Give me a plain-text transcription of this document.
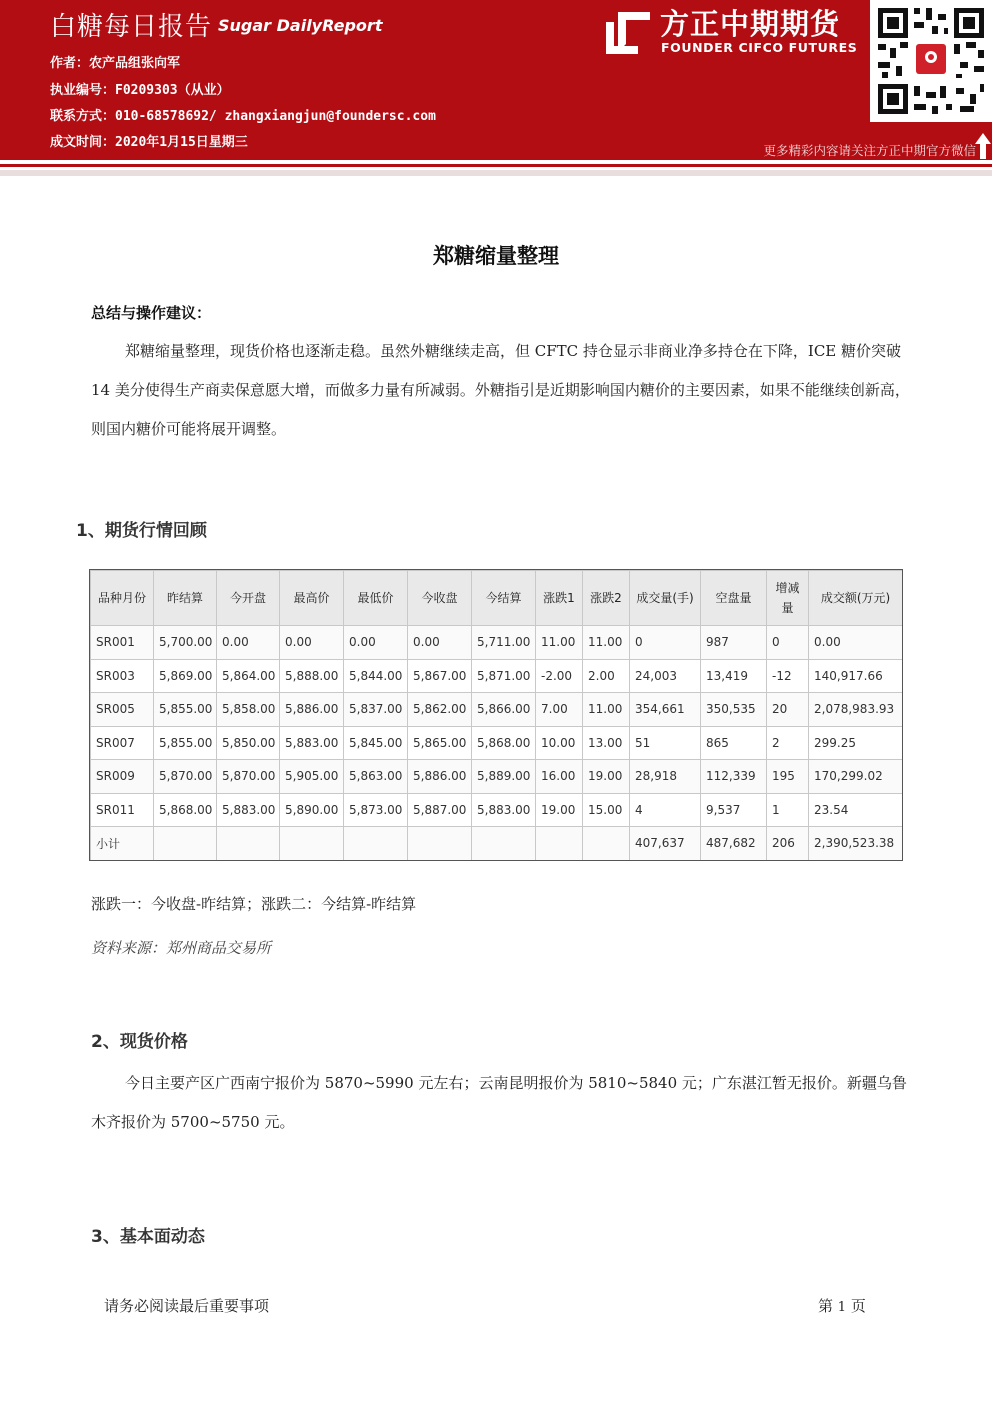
白糖每日报告 Sugar DailyReport
作者：农产品组张向军
执业编号：F0209303（从业）
联系方式：010-68578692/ zhangxiangjun@foundersc.com
成文时间：2020年1月15日星期三
方正中期期货
FOUNDER CIFCO FUTURES
更多精彩内容请关注方正中期官方微信
郑糖缩量整理
总结与操作建议：

郑糖缩量整理，现货价格也逐渐走稳。虽然外糖继续走高，但 CFTC 持仓显示非商业净多持仓在下降，ICE 糖价突破 14 美分使得生产商卖保意愿大增，而做多力量有所减弱。外糖指引是近期影响国内糖价的主要因素，如果不能继续创新高，则国内糖价可能将展开调整。

1、期货行情回顾
品种月份	昨结算	今开盘	最高价	最低价	今收盘	今结算	涨跌1	涨跌2	成交量(手)	空盘量	增减量	成交额(万元)
SR001	5,700.00	0.00	0.00	0.00	0.00	5,711.00	11.00	11.00	0	987	0	0.00
SR003	5,869.00	5,864.00	5,888.00	5,844.00	5,867.00	5,871.00	-2.00	2.00	24,003	13,419	-12	140,917.66
SR005	5,855.00	5,858.00	5,886.00	5,837.00	5,862.00	5,866.00	7.00	11.00	354,661	350,535	20	2,078,983.93
SR007	5,855.00	5,850.00	5,883.00	5,845.00	5,865.00	5,868.00	10.00	13.00	51	865	2	299.25
SR009	5,870.00	5,870.00	5,905.00	5,863.00	5,886.00	5,889.00	16.00	19.00	28,918	112,339	195	170,299.02
SR011	5,868.00	5,883.00	5,890.00	5,873.00	5,887.00	5,883.00	19.00	15.00	4	9,537	1	23.54
小计									407,637	487,682	206	2,390,523.38
涨跌一：今收盘-昨结算；涨跌二：今结算-昨结算
资料来源：郑州商品交易所
2、现货价格

今日主要产区广西南宁报价为 5870~5990 元左右；云南昆明报价为 5810~5840 元；广东湛江暂无报价。新疆乌鲁木齐报价为 5700~5750 元。

3、基本面动态
请务必阅读最后重要事项	第 1 页
